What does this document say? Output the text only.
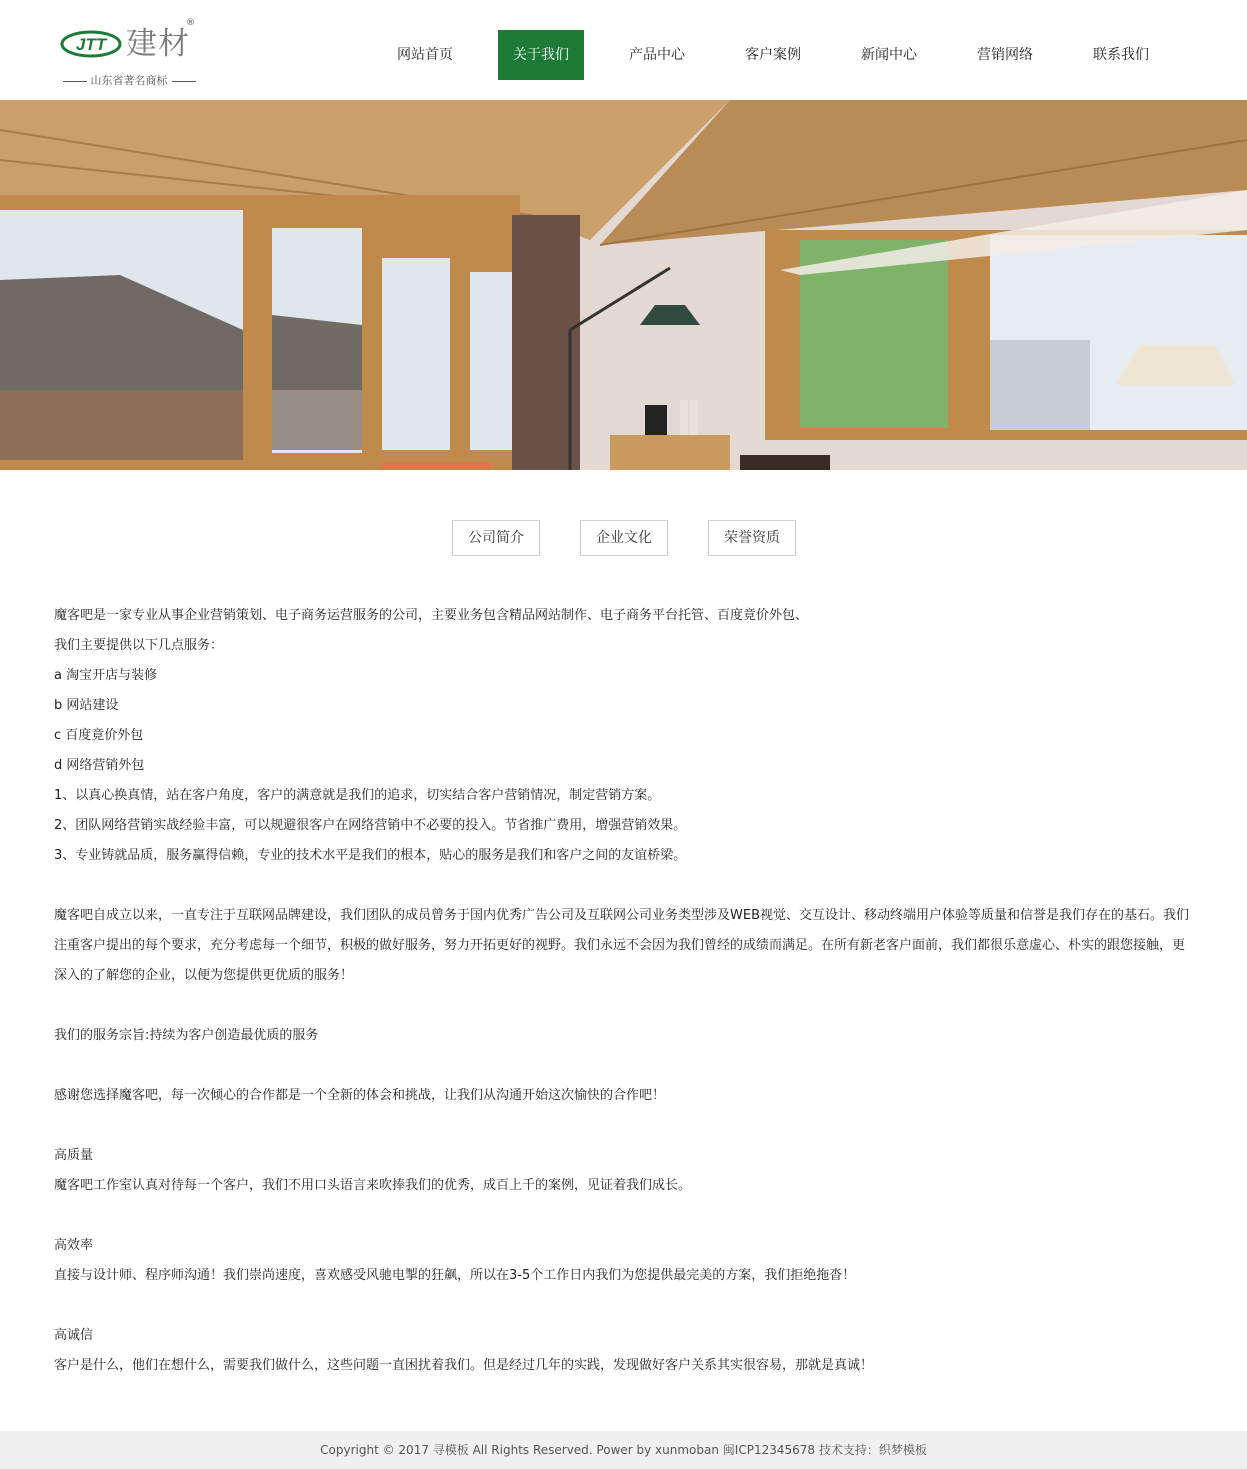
JTT 建材
®
山东省著名商标
网站首页	关于我们	产品中心	客户案例	新闻中心	营销网络	联系我们
公司简介	企业文化	荣誉资质

魔客吧是一家专业从事企业营销策划、电子商务运营服务的公司，主要业务包含精品网站制作、电子商务平台托管、百度竟价外包、

我们主要提供以下几点服务：

a 淘宝开店与装修

b 网站建设

c 百度竟价外包

d 网络营销外包

1、以真心换真情，站在客户角度，客户的满意就是我们的追求，切实结合客户营销情况，制定营销方案。

2、团队网络营销实战经验丰富，可以规避很客户在网络营销中不必要的投入。节省推广费用，增强营销效果。

3、专业铸就品质，服务赢得信赖，专业的技术水平是我们的根本，贴心的服务是我们和客户之间的友谊桥梁。

魔客吧自成立以来，一直专注于互联网品牌建设，我们团队的成员曾务于国内优秀广告公司及互联网公司业务类型涉及WEB视觉、交互设计、移动终端用户体验等质量和信誉是我们存在的基石。我们注重客户提出的每个要求，充分考虑每一个细节，积极的做好服务，努力开拓更好的视野。我们永远不会因为我们曾经的成绩而满足。在所有新老客户面前，我们都很乐意虚心、朴实的跟您接触，更深入的了解您的企业，以便为您提供更优质的服务！

我们的服务宗旨:持续为客户创造最优质的服务

感谢您选择魔客吧，每一次倾心的合作都是一个全新的体会和挑战，让我们从沟通开始这次愉快的合作吧！

高质量

魔客吧工作室认真对待每一个客户，我们不用口头语言来吹捧我们的优秀，成百上千的案例，见证着我们成长。

高效率

直接与设计师、程序师沟通！我们崇尚速度，喜欢感受风驰电掣的狂飙，所以在3-5个工作日内我们为您提供最完美的方案，我们拒绝拖沓！

高诚信

客户是什么，他们在想什么，需要我们做什么，这些问题一直困扰着我们。但是经过几年的实践，发现做好客户关系其实很容易，那就是真诚！

Copyright © 2017 寻模板 All Rights Reserved. Power by xunmoban 闽ICP12345678 技术支持：织梦模板
